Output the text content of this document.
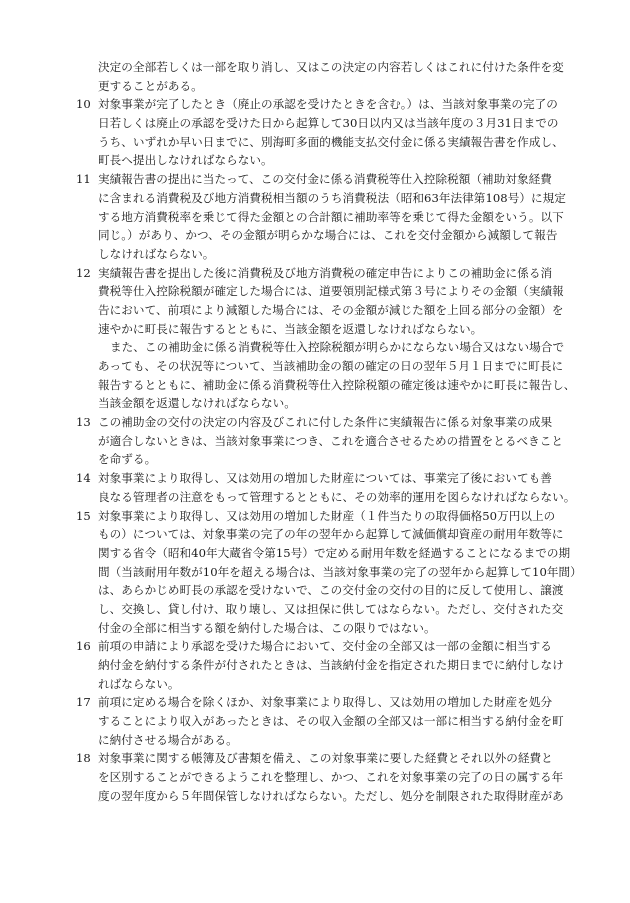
決定の全部若しくは一部を取り消し、又はこの決定の内容若しくはこれに付けた条件を変
更することがある。
10 対象事業が完了したとき（廃止の承認を受けたときを含む。）は、当該対象事業の完了の
日若しくは廃止の承認を受けた日から起算して30日以内又は当該年度の３月31日までの
うち、いずれか早い日までに、別海町多面的機能支払交付金に係る実績報告書を作成し、
町長へ提出しなければならない。
11 実績報告書の提出に当たって、この交付金に係る消費税等仕入控除税額（補助対象経費
に含まれる消費税及び地方消費税相当額のうち消費税法（昭和63年法律第108号）に規定
する地方消費税率を乗じて得た金額との合計額に補助率等を乗じて得た金額をいう。以下
同じ。）があり、かつ、その金額が明らかな場合には、これを交付金額から減額して報告
しなければならない。
12 実績報告書を提出した後に消費税及び地方消費税の確定申告によりこの補助金に係る消
費税等仕入控除税額が確定した場合には、道要領別記様式第３号によりその金額（実績報
告において、前項により減額した場合には、その金額が減じた額を上回る部分の金額）を
速やかに町長に報告するとともに、当該金額を返還しなければならない。
また、この補助金に係る消費税等仕入控除税額が明らかにならない場合又はない場合で
あっても、その状況等について、当該補助金の額の確定の日の翌年５月１日までに町長に
報告するとともに、補助金に係る消費税等仕入控除税額の確定後は速やかに町長に報告し、
当該金額を返還しなければならない。
13 この補助金の交付の決定の内容及びこれに付した条件に実績報告に係る対象事業の成果
が適合しないときは、当該対象事業につき、これを適合させるための措置をとるべきこと
を命ずる。
14 対象事業により取得し、又は効用の増加した財産については、事業完了後においても善
良なる管理者の注意をもって管理するとともに、その効率的運用を図らなければならない。
15 対象事業により取得し、又は効用の増加した財産（１件当たりの取得価格50万円以上の
もの）については、対象事業の完了の年の翌年から起算して減価償却資産の耐用年数等に
関する省令（昭和40年大蔵省令第15号）で定める耐用年数を経過することになるまでの期
間（当該耐用年数が10年を超える場合は、当該対象事業の完了の翌年から起算して10年間）
は、あらかじめ町長の承認を受けないで、この交付金の交付の目的に反して使用し、譲渡
し、交換し、貸し付け、取り壊し、又は担保に供してはならない。ただし、交付された交
付金の全部に相当する額を納付した場合は、この限りではない。
16 前項の申請により承認を受けた場合において、交付金の全部又は一部の金額に相当する
納付金を納付する条件が付されたときは、当該納付金を指定された期日までに納付しなけ
ればならない。
17 前項に定める場合を除くほか、対象事業により取得し、又は効用の増加した財産を処分
することにより収入があったときは、その収入金額の全部又は一部に相当する納付金を町
に納付させる場合がある。
18 対象事業に関する帳簿及び書類を備え、この対象事業に要した経費とそれ以外の経費と
を区別することができるようこれを整理し、かつ、これを対象事業の完了の日の属する年
度の翌年度から５年間保管しなければならない。ただし、処分を制限された取得財産があ
